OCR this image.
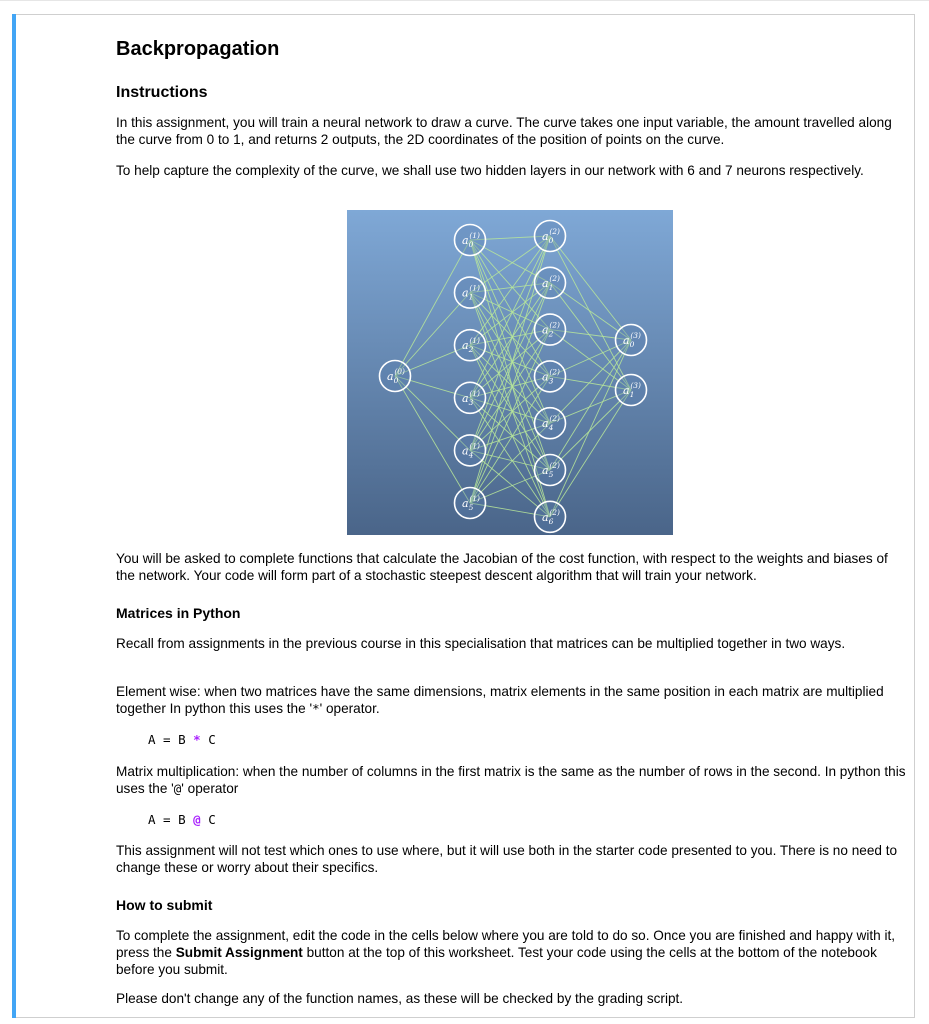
Backpropagation
Instructions

In this assignment, you will train a neural network to draw a curve. The curve takes one input variable, the amount travelled along the curve from 0 to 1, and returns 2 outputs, the 2D coordinates of the position of points on the curve.

To help capture the complexity of the curve, we shall use two hidden layers in our network with 6 and 7 neurons respectively.

$a_0(0)$
$a_0(1)$
$a_1(1)$
$a_2(1)$
$a_3(1)$
$a_4(1)$
$a_5(1)$
$a_0(2)$
$a_1(2)$
$a_2(2)$
$a_3(2)$
$a_4(2)$
$a_5(2)$
$a_6(2)$
$a_0(3)$
$a_1(3)$

You will be asked to complete functions that calculate the Jacobian of the cost function, with respect to the weights and biases of the network. Your code will form part of a stochastic steepest descent algorithm that will train your network.

Matrices in Python

Recall from assignments in the previous course in this specialisation that matrices can be multiplied together in two ways.

Element wise: when two matrices have the same dimensions, matrix elements in the same position in each matrix are multiplied together In python this uses the '*' operator.

A = B * C

Matrix multiplication: when the number of columns in the first matrix is the same as the number of rows in the second. In python this uses the '@' operator

A = B @ C

This assignment will not test which ones to use where, but it will use both in the starter code presented to you. There is no need to change these or worry about their specifics.

How to submit

To complete the assignment, edit the code in the cells below where you are told to do so. Once you are finished and happy with it, press the Submit Assignment button at the top of this worksheet. Test your code using the cells at the bottom of the notebook before you submit.

Please don't change any of the function names, as these will be checked by the grading script.
